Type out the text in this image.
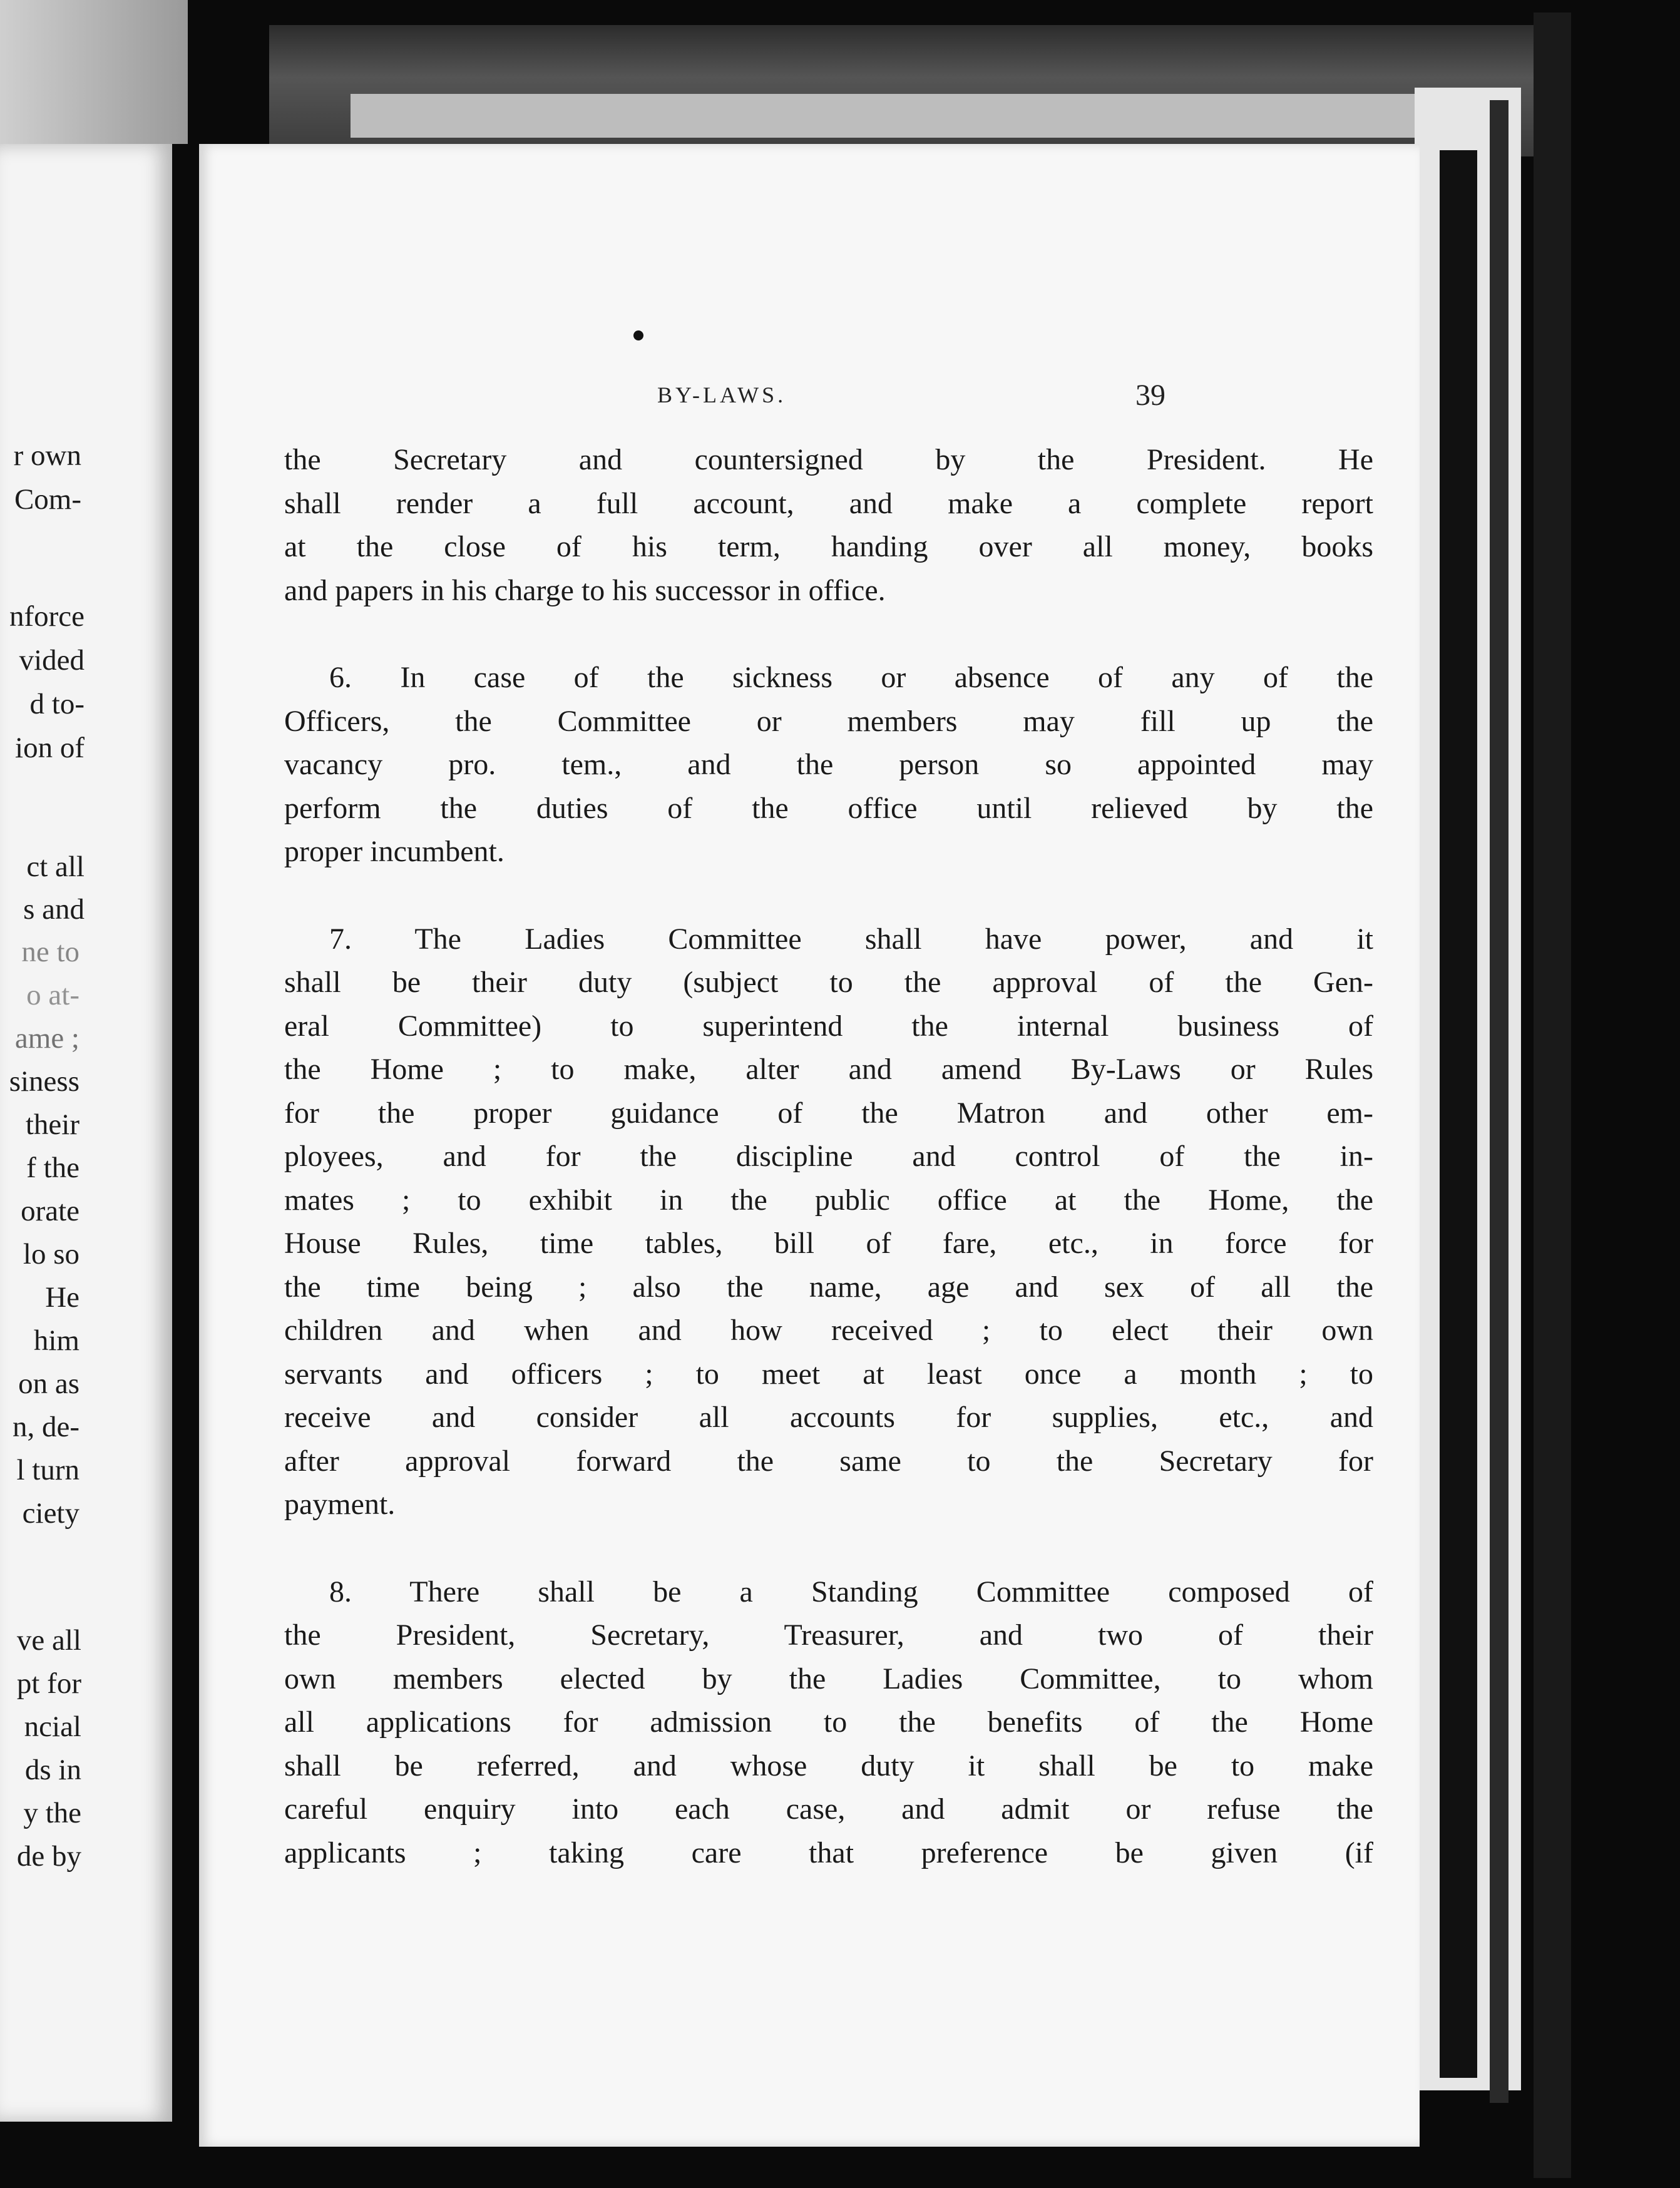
r own
Com-
nforce
vided
d to-
ion of
ct all
s and
ne to
o at-
ame ;
siness
their
f the
orate
lo so
He
him
on as
n, de-
l turn
ciety
ve all
pt for
ncial
ds in
y the
de by
BY-LAWS.	39
the Secretary and countersigned by the President. He
shall render a full account, and make a complete report
at the close of his term, handing over all money, books
and papers in his charge to his successor in office.
6. In case of the sickness or absence of any of the
Officers, the Committee or members may fill up the
vacancy pro. tem., and the person so appointed may
perform the duties of the office until relieved by the
proper incumbent.
7. The Ladies Committee shall have power, and it
shall be their duty (subject to the approval of the Gen-
eral Committee) to superintend the internal business of
the Home ; to make, alter and amend By-Laws or Rules
for the proper guidance of the Matron and other em-
ployees, and for the discipline and control of the in-
mates ; to exhibit in the public office at the Home, the
House Rules, time tables, bill of fare, etc., in force for
the time being ; also the name, age and sex of all the
children and when and how received ; to elect their own
servants and officers ; to meet at least once a month ; to
receive and consider all accounts for supplies, etc., and
after approval forward the same to the Secretary for
payment.
8. There shall be a Standing Committee composed of
the President, Secretary, Treasurer, and two of their
own members elected by the Ladies Committee, to whom
all applications for admission to the benefits of the Home
shall be referred, and whose duty it shall be to make
careful enquiry into each case, and admit or refuse the
applicants ; taking care that preference be given (if
